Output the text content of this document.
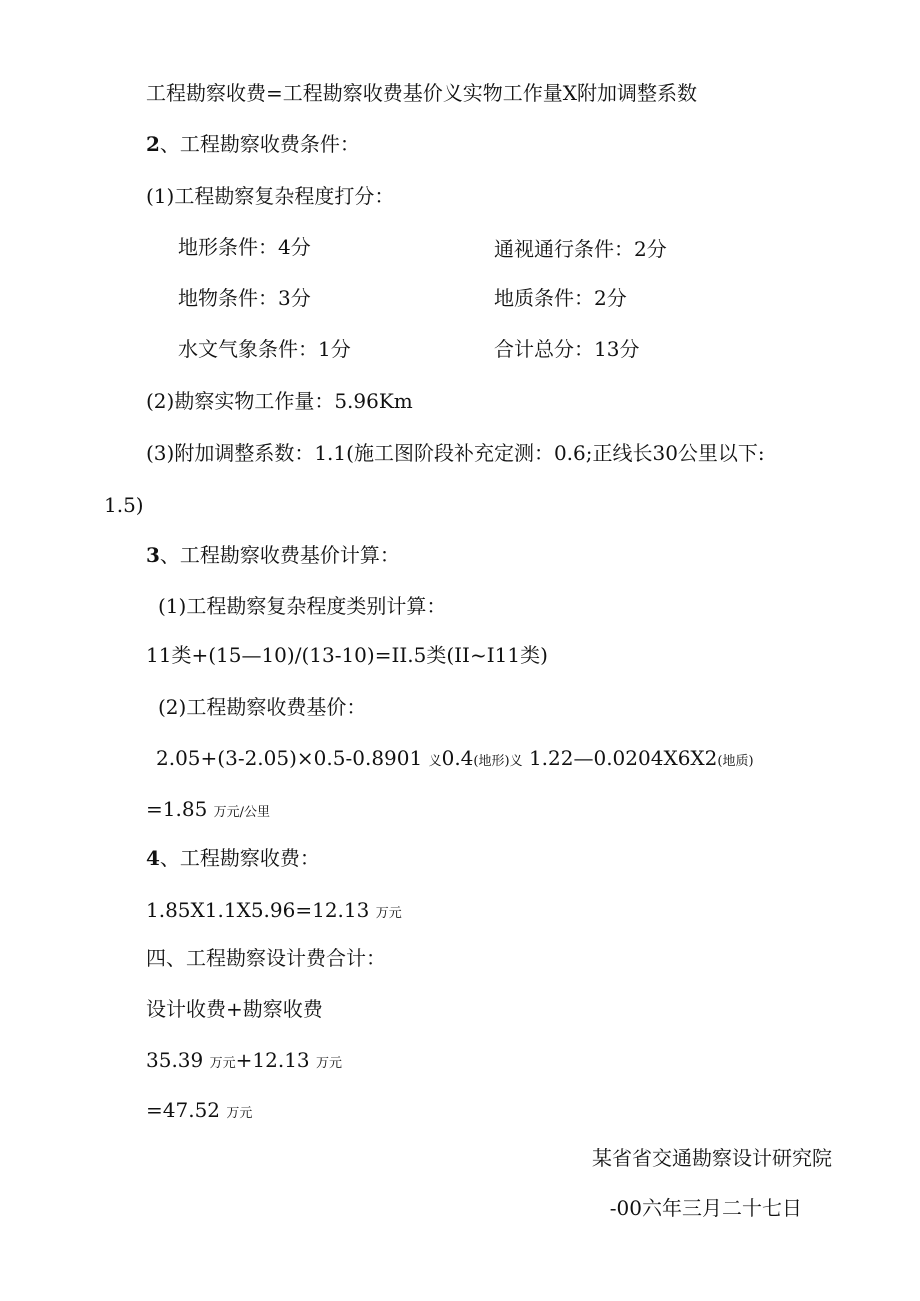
工程勘察收费=工程勘察收费基价义实物工作量X附加调整系数
2、工程勘察收费条件：
(1)工程勘察复杂程度打分：
地形条件：4分	通视通行条件：2分
地物条件：3分	地质条件：2分
水文气象条件：1分	合计总分：13分
(2)勘察实物工作量：5.96Km
(3)附加调整系数：1.1(施工图阶段补充定测：0.6;正线长30公里以下:
1.5)
3、工程勘察收费基价计算：
(1)工程勘察复杂程度类别计算：
11类+(15—10)/(13-10)=II.5类(II~I11类)
(2)工程勘察收费基价：
2.05+(3-2.05)×0.5-0.8901 义0.4(地形)义 1.22—0.0204X6X2(地质)
=1.85 万元/公里
4、工程勘察收费：
1.85X1.1X5.96=12.13 万元
四、工程勘察设计费合计：
设计收费+勘察收费
35.39 万元+12.13 万元
=47.52 万元
某省省交通勘察设计研究院
-00六年三月二十七日
